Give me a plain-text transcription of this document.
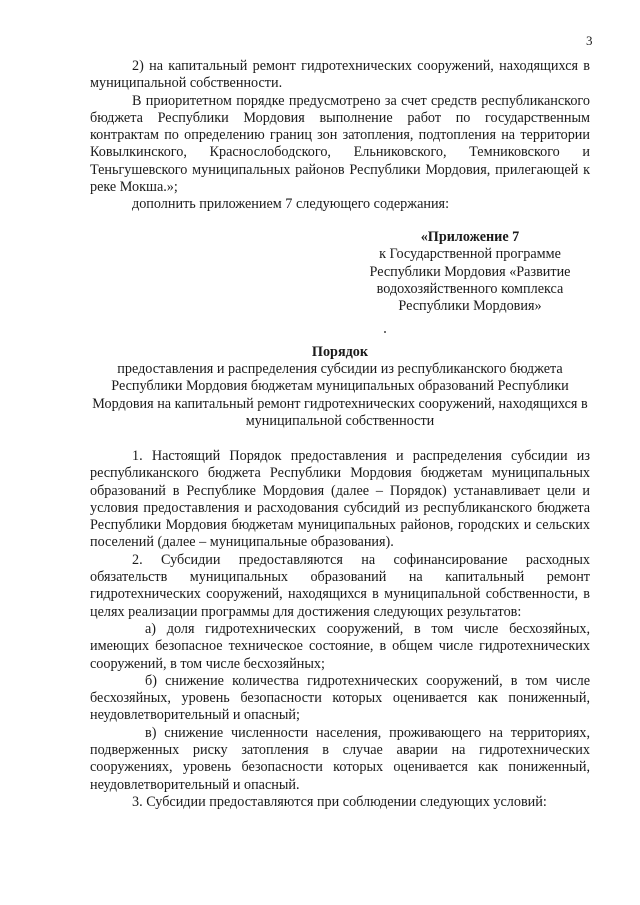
3

2) на капитальный ремонт гидротехнических сооружений, находящихся в муниципальной собственности.

В приоритетном порядке предусмотрено за счет средств республиканского бюджета Республики Мордовия выполнение работ по государственным контрактам по определению границ зон затопления, подтопления на территории Ковылкинского, Краснослободского, Ельниковского, Темниковского и Теньгушевского муниципальных районов Республики Мордовия, прилегающей к реке Мокша.»;

дополнить приложением 7 следующего содержания:

«Приложение 7
к Государственной программе
Республики Мордовия «Развитие
водохозяйственного комплекса
Республики Мордовия»
Порядок
предоставления и распределения субсидии из республиканского бюджета Республики Мордовия бюджетам муниципальных образований Республики Мордовия на капитальный ремонт гидротехнических сооружений, находящихся в муниципальной собственности

1. Настоящий Порядок предоставления и распределения субсидии из республиканского бюджета Республики Мордовия бюджетам муниципальных образований в Республике Мордовия (далее – Порядок) устанавливает цели и условия предоставления и расходования субсидий из республиканского бюджета Республики Мордовия бюджетам муниципальных районов, городских и сельских поселений (далее – муниципальные образования).

2. Субсидии предоставляются на софинансирование расходных обязательств муниципальных образований на капитальный ремонт гидротехнических сооружений, находящихся в муниципальной собственности, в целях реализации программы для достижения следующих результатов:

а) доля гидротехнических сооружений, в том числе бесхозяйных, имеющих безопасное техническое состояние, в общем числе гидротехнических сооружений, в том числе бесхозяйных;

б) снижение количества гидротехнических сооружений, в том числе бесхозяйных, уровень безопасности которых оценивается как пониженный, неудовлетворительный и опасный;

в) снижение численности населения, проживающего на территориях, подверженных риску затопления в случае аварии на гидротехнических сооружениях, уровень безопасности которых оценивается как пониженный, неудовлетворительный и опасный.

3. Субсидии предоставляются при соблюдении следующих условий:
